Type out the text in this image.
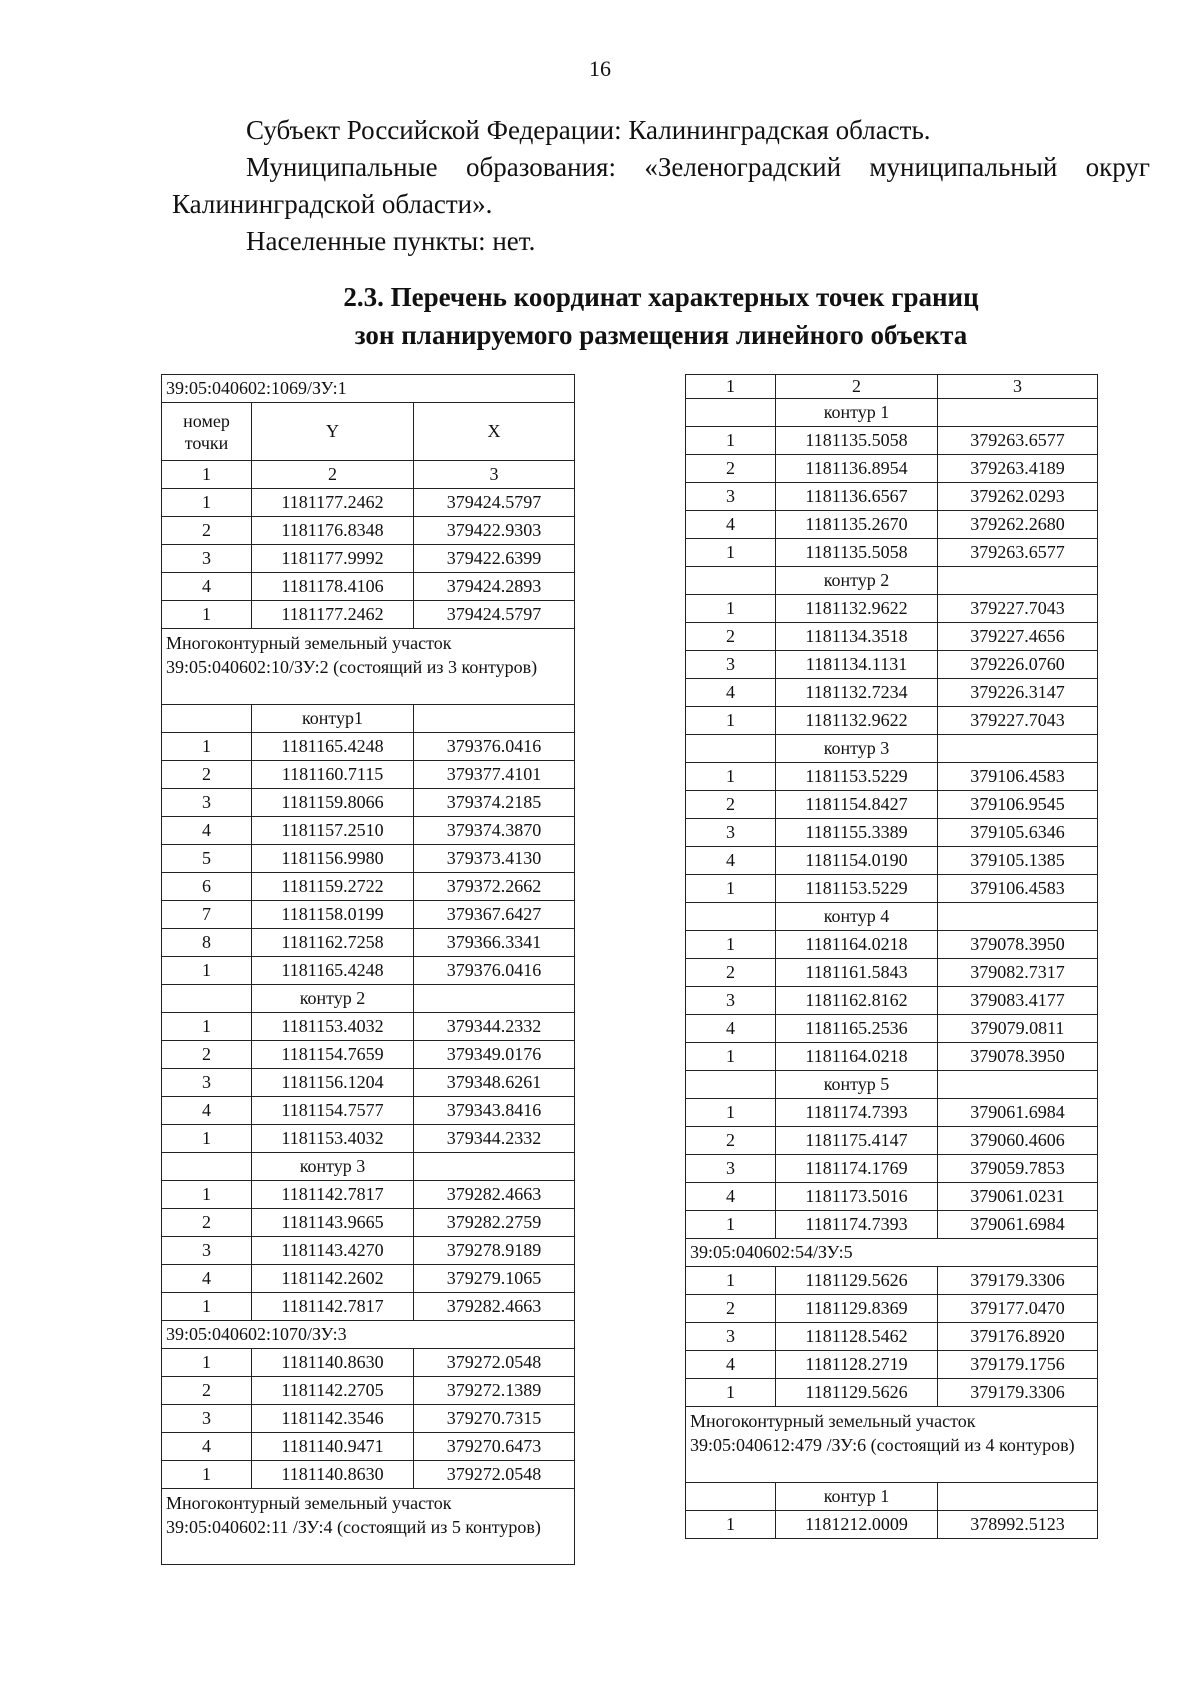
16

Субъект Российской Федерации: Калининградская область.

Муниципальные образования: «Зеленоградский муниципальный округ Калининградской области».

Населенные пункты: нет.

2.3. Перечень координат характерных точек границ
зон планируемого размещения линейного объекта
39:05:040602:1069/ЗУ:1		
номер точки	Y	X
1	2	3
1	1181177.2462	379424.5797
2	1181176.8348	379422.9303
3	1181177.9992	379422.6399
4	1181178.4106	379424.2893
1	1181177.2462	379424.5797
Многоконтурный земельный участок 39:05:040602:10/ЗУ:2 (состоящий из 3 контуров)		
	контур1	
1	1181165.4248	379376.0416
2	1181160.7115	379377.4101
3	1181159.8066	379374.2185
4	1181157.2510	379374.3870
5	1181156.9980	379373.4130
6	1181159.2722	379372.2662
7	1181158.0199	379367.6427
8	1181162.7258	379366.3341
1	1181165.4248	379376.0416
	контур 2	
1	1181153.4032	379344.2332
2	1181154.7659	379349.0176
3	1181156.1204	379348.6261
4	1181154.7577	379343.8416
1	1181153.4032	379344.2332
	контур 3	
1	1181142.7817	379282.4663
2	1181143.9665	379282.2759
3	1181143.4270	379278.9189
4	1181142.2602	379279.1065
1	1181142.7817	379282.4663
39:05:040602:1070/ЗУ:3		
1	1181140.8630	379272.0548
2	1181142.2705	379272.1389
3	1181142.3546	379270.7315
4	1181140.9471	379270.6473
1	1181140.8630	379272.0548
Многоконтурный земельный участок 39:05:040602:11 /ЗУ:4 (состоящий из 5 контуров)		
1	2	3
	контур 1	
1	1181135.5058	379263.6577
2	1181136.8954	379263.4189
3	1181136.6567	379262.0293
4	1181135.2670	379262.2680
1	1181135.5058	379263.6577
	контур 2	
1	1181132.9622	379227.7043
2	1181134.3518	379227.4656
3	1181134.1131	379226.0760
4	1181132.7234	379226.3147
1	1181132.9622	379227.7043
	контур 3	
1	1181153.5229	379106.4583
2	1181154.8427	379106.9545
3	1181155.3389	379105.6346
4	1181154.0190	379105.1385
1	1181153.5229	379106.4583
	контур 4	
1	1181164.0218	379078.3950
2	1181161.5843	379082.7317
3	1181162.8162	379083.4177
4	1181165.2536	379079.0811
1	1181164.0218	379078.3950
	контур 5	
1	1181174.7393	379061.6984
2	1181175.4147	379060.4606
3	1181174.1769	379059.7853
4	1181173.5016	379061.0231
1	1181174.7393	379061.6984
39:05:040602:54/ЗУ:5		
1	1181129.5626	379179.3306
2	1181129.8369	379177.0470
3	1181128.5462	379176.8920
4	1181128.2719	379179.1756
1	1181129.5626	379179.3306
Многоконтурный земельный участок 39:05:040612:479 /ЗУ:6 (состоящий из 4 контуров)		
	контур 1	
1	1181212.0009	378992.5123
